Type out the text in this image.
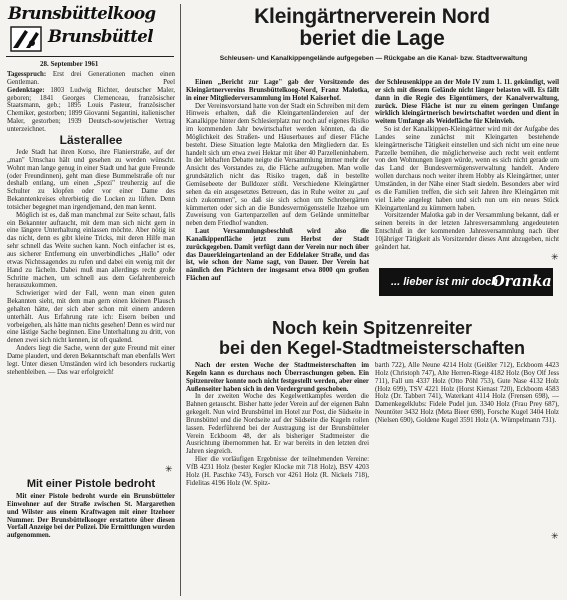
Brunsbüttelkoog
Brunsbüttel
28. September 1961

Tagesspruch: Erst drei Generationen machen einen Gentleman.	Peel

Gedenktage: 1803 Ludwig Richter, deutscher Maler, geboren; 1841 Georges Clemenceau, französischer Staatsmann, geb.; 1895 Louis Pasteur, französischer Chemiker, gestorben; 1899 Giovanni Segantini, italienischer Maler, gestorben; 1939 Deutsch-sowjetischer Vertrag unterzeichnet.

Lästerallee

Jede Stadt hat ihren Korso, ihre Flanierstraße, auf der „man" Umschau hält und gesehen zu werden wünscht. Wohnt man lange genug in einer Stadt und hat gute Freunde (oder Freundinnen), geht man diese Bummelstraße oft nur deshalb entlang, um einen „Spezi" treuherzig auf die Schulter zu klopfen oder vor einer Dame des Bekanntenkreises ehrerbietig die Locken zu lüften. Denn totsicher begegnet man irgendjemand, den man kennt.

Möglich ist es, daß man manchmal zur Seite schaut, falls ein Bekannter auftaucht, mit dem man sich nicht gern in eine längere Unterhaltung einlassen möchte. Aber nötig ist das nicht, denn es gibt kleine Tricks, mit deren Hilfe man sehr schnell das Weite suchen kann. Noch einfacher ist es, aus sicherer Entfernung ein unverbindliches „Hallo" oder etwas Nichtssagendes zu rufen und dabei ein wenig mit der Hand zu fächeln. Dabei muß man allerdings recht große Schritte machen, um schnell aus dem Gefahrenbereich herauszukommen.

Schwieriger wird der Fall, wenn man einen guten Bekannten sieht, mit dem man gern einen kleinen Plausch gehalten hätte, der sich aber schon mit einem anderen unterhält. Aus Erfahrung rate ich: Eisern beiben und vorbeigehen, als hätte man nichts gesehen! Denn es wird nur eine lästige Sache beginnen. Eine Unterhaltung zu dritt, von denen zwei sich nicht kennen, ist oft qualend.

Anders liegt die Sache, wenn der gute Freund mit einer Dame plaudert, und deren Bekanntschaft man ebenfalls Wert legt. Unter diesen Umständen wird ich besonders ruckartig stehenbleiben. — Das war erfolgreich!

✳
Mit einer Pistole bedroht

Mit einer Pistole bedroht wurde ein Brunsbütteler Einwohner auf der Straße zwischen St. Margarethen und Wilster aus einem Kraftwagen mit einer Itzehoer Nummer. Der Brunsbüttelkooger erstattete über diesen Vorfall Anzeige bei der Polizei. Die Ermittlungen wurden aufgenommen.

Kleingärtnerverein Nord
beriet die Lage
Schleusen- und Kanalkippengelände aufgegeben — Rückgabe an die Kanal- bzw. Stadtverwaltung

Einen „Bericht zur Lage" gab der Vorsitzende des Kleingärtnervereins Brunsbüttelkoog-Nord, Franz Malotka, in einer Mitgliederversammlung im Hotel Kaiserhof.

Der Vereinsvorstand hatte von der Stadt ein Schreiben mit dem Hinweis erhalten, daß die Kleingartenländereien auf der Kanalkippe hinter dem Schlesierplatz nur noch auf eigenes Risiko im kommenden Jahr bewirtschaftet werden könnten, da die Möglichkeit des Straßen- und Häuserbaues auf dieser Fläche besteht. Diese Situation legte Malotka den Mitgliedern dar. Es handelt sich um etwa zwei Hektar mit über 40 Parzelleninhabern. In der lebhaften Debatte neigte die Versammlung immer mehr der Ansicht des Vorstandes zu, die Fläche aufzugeben. Man wolle grundsätzlich nicht das Risiko tragen, daß in bestellte Gemüsebeete der Bulldozer stößt. Verschiedene Kleingärtner sehen da ein ausgesetztes Betreuen, das in Ruhe weiter zu „auf sich zukommen", so daß sie sich schon um Schrebergärten kümmerten oder sich an die Bundesvermögensstelle Itzehoe um Zuweisung von Gartenparzellen auf dem Gelände unmittelbar neben dem Friedhof wandten.

Laut Versammlungsbeschluß wird also die Kanalkippenfläche jetzt zum Herbst der Stadt zurückgegeben. Damit verfügt dann der Verein nur noch über das Dauerkleingartenland an der Eddelaker Straße, und das ist, wie schon der Name sagt, von Dauer. Der Verein hat nämlich den Pächtern der insgesamt etwa 8000 qm großen Flächen auf

der Schleusenkippe an der Mole IV zum 1. 11. gekündigt, weil er sich mit diesem Gelände nicht länger belasten will. Es fällt dann in die Regie des Eigentümers, der Kanalverwaltung, zurück. Diese Fläche ist nur zu einem geringen Umfange wirklich kleingärtnerisch bewirtschaftet worden und dient in weitem Umfange als Weidefläche für Kleinvieh.

So ist der Kanalkippen-Kleingärtner wird mit der Aufgabe des Landes seine zunächst mit Kleingarten bestehende kleingärtnerische Tätigkeit einstellen und sich nicht um eine neue Parzelle bemühen, die möglicherweise auch recht weit entfernt von den Wohnungen liegen würde, wenn es sich nicht gerade um das Land der Bundesvermögensverwaltung handelt. Andere wollen durchaus noch weiter ihrem Hobby als Kleingärtner, unter Umständen, in der Nähe einer Stadt siedeln. Besonders aber wird es die Familien treffen, die sich seit Jahren ihre Kleingärten mit viel Liebe angelegt haben und sich nun um ein neues Stück Kleingartenland zu kümmern haben.

Vorsitzender Malotka gab in der Versammlung bekannt, daß er seinen bereits in der letzten Jahresversammlung angedeuteten Entschluß in der kommenden Jahresversammlung nach über 10jähriger Tätigkeit als Vorsitzender dieses Amt abzugeben, nicht geändert hat.

✳
... lieber ist mir doch
Oranka
Noch kein Spitzenreiter
bei den Kegel-Stadtmeisterschaften

Nach der ersten Woche der Stadtmeisterschaften im Kegeln kann es durchaus noch Überraschungen geben. Ein Spitzenreiter konnte noch nicht festgestellt werden, aber einer Außenseiter haben sich in den Vordergrund geschoben.

In der zweiten Woche des Kegelwettkampfes werden die Bahnen getauscht. Bisher hatte jeder Verein auf der eigenen Bahn gekegelt. Nun wird Brunsbüttel im Hotel zur Post, die Südseite in Brunsbüttel und die Nordseite auf der Südseite die Kugeln rollen lassen. Federführend bei der Austragung ist der Brunsbütteler Verein Eckboom 48, der als bisheriger Stadtmeister die Ausrichtung übernommen hat. Er war bereits in den letzten drei Jahren siegreich.

Hier die vorläufigen Ergebnisse der teilnehmenden Vereine: VfB 4231 Holz (bester Kegler Klocke mit 718 Holz), BSV 4203 Holz (H. Paschke 743), Forsch vor 4261 Holz (R. Nickels 718), Fidelitas 4196 Holz (W. Spitz-

barth 722), Alle Neune 4214 Holz (Geißler 712), Eckboom 4423 Holz (Christoph 747), Alte Herren-Riege 4182 Holz (Boy Olf Jess 711), Fall um 4337 Holz (Otto Pöhl 753), Gute Nase 4132 Holz (Holz 699), TSV 4221 Holz (Horst Kienast 720), Eckboom 4583 Holz (Dr. Tabbert 741), Waterkant 4114 Holz (Frensen 698), — Damenkegelklubs: Fidele Pudel jun. 3340 Holz (Frau Prey 687), Neuntöter 3432 Holz (Meta Bieer 698), Forsche Kugel 3404 Holz (Nielsen 690), Goldene Kugel 3591 Holz (A. Wümpelmann 731).

✳
